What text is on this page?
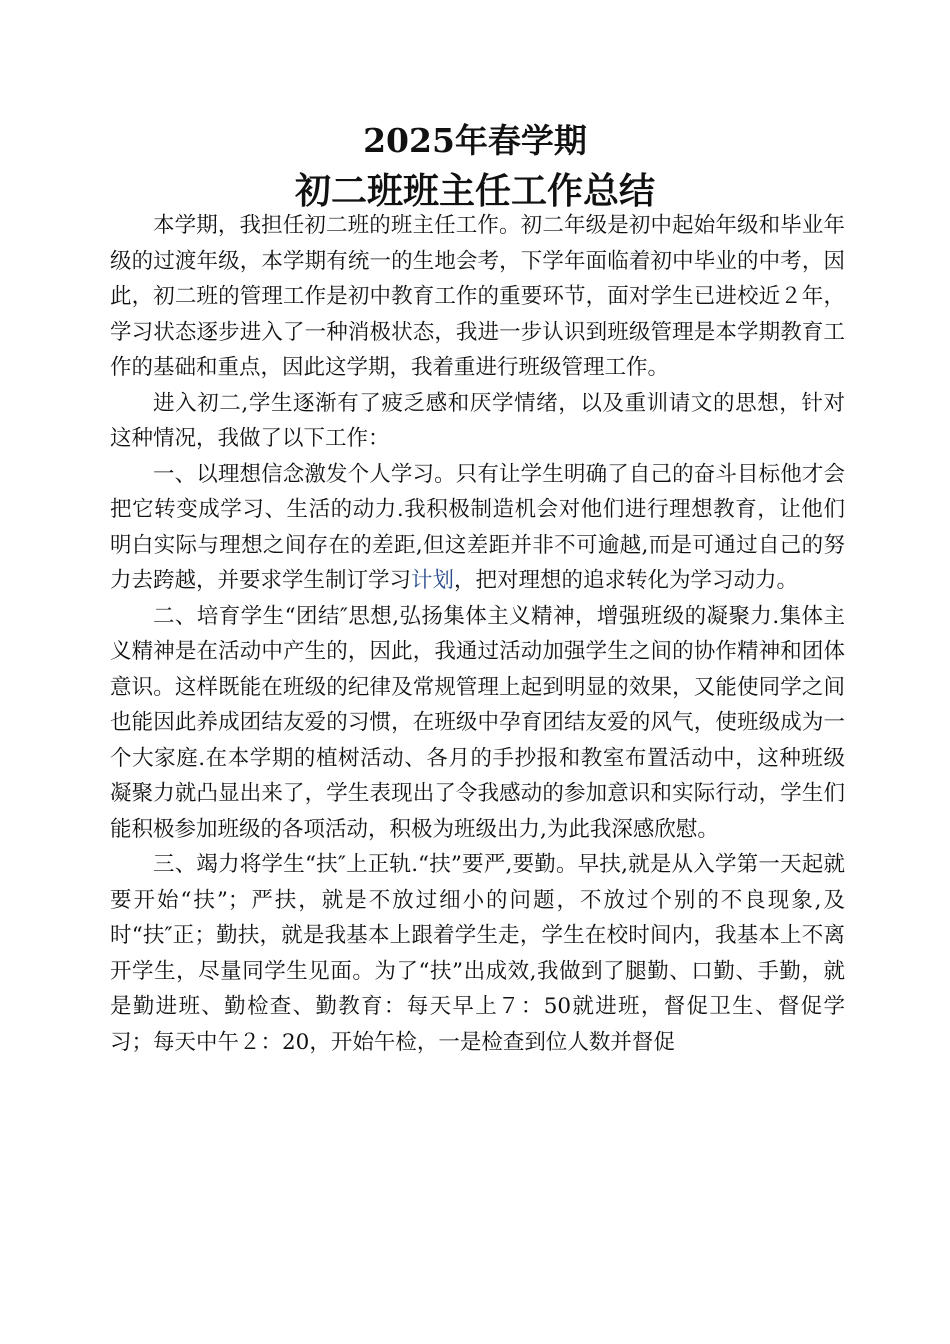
2025年春学期
初二班班主任工作总结

本学期，我担任初二班的班主任工作。初二年级是初中起始年级和毕业年级的过渡年级，本学期有统一的生地会考，下学年面临着初中毕业的中考，因此，初二班的管理工作是初中教育工作的重要环节，面对学生已进校近２年，学习状态逐步进入了一种消极状态，我进一步认识到班级管理是本学期教育工作的基础和重点，因此这学期，我着重进行班级管理工作。

进入初二,学生逐渐有了疲乏感和厌学情绪，以及重训请文的思想，针对这种情况，我做了以下工作：

一、以理想信念激发个人学习。只有让学生明确了自己的奋斗目标他才会把它转变成学习、生活的动力.我积极制造机会对他们进行理想教育，让他们明白实际与理想之间存在的差距,但这差距并非不可逾越,而是可通过自己的努力去跨越，并要求学生制订学习计划，把对理想的追求转化为学习动力。

二、培育学生“团结″思想,弘扬集体主义精神，增强班级的凝聚力.集体主义精神是在活动中产生的，因此，我通过活动加强学生之间的协作精神和团体意识。这样既能在班级的纪律及常规管理上起到明显的效果，又能使同学之间也能因此养成团结友爱的习惯，在班级中孕育团结友爱的风气，使班级成为一个大家庭.在本学期的植树活动、各月的手抄报和教室布置活动中，这种班级凝聚力就凸显出来了，学生表现出了令我感动的参加意识和实际行动，学生们能积极参加班级的各项活动，积极为班级出力,为此我深感欣慰。

三、竭力将学生“扶″上正轨.“扶”要严,要勤。早扶,就是从入学第一天起就要开始“扶”；严扶，就是不放过细小的问题，不放过个别的不良现象,及时“扶″正；勤扶，就是我基本上跟着学生走，学生在校时间内，我基本上不离开学生，尽量同学生见面。为了“扶”出成效,我做到了腿勤、口勤、手勤，就是勤进班、勤检查、勤教育：每天早上７：50就进班，督促卫生、督促学习；每天中午２：20，开始午检，一是检查到位人数并督促
